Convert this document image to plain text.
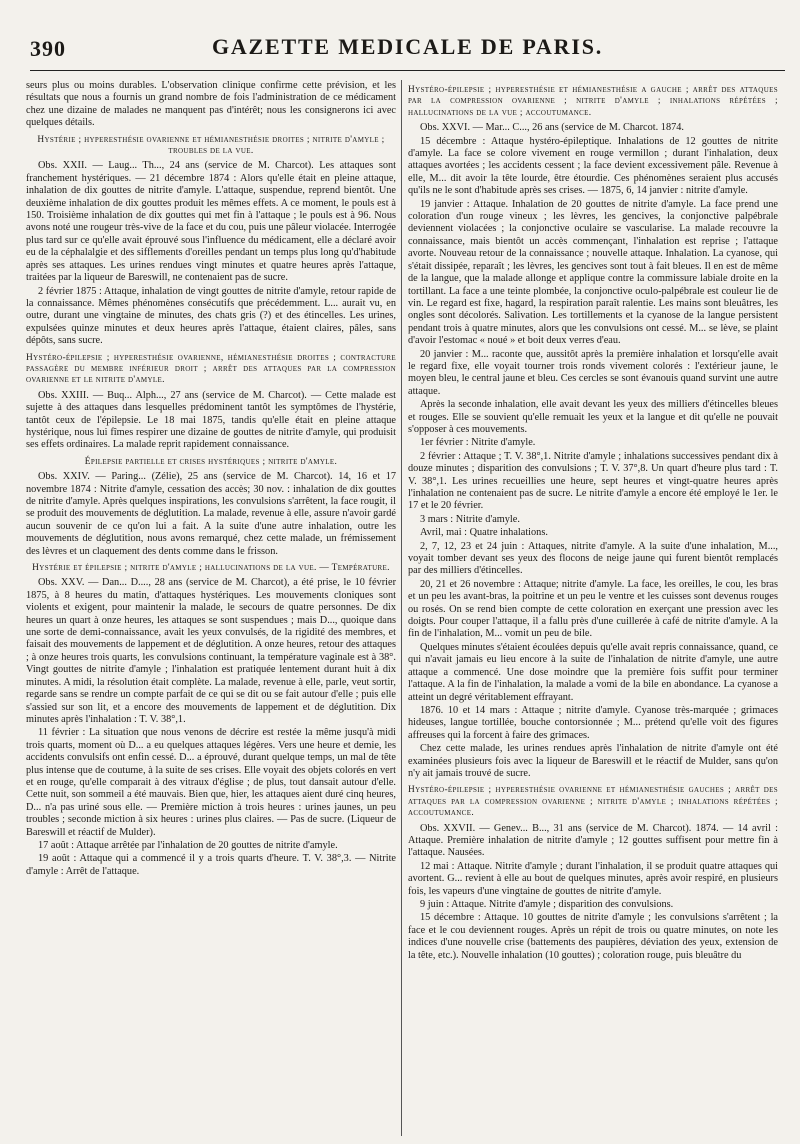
390	GAZETTE MEDICALE DE PARIS.

seurs plus ou moins durables. L'observation clinique confirme cette prévision, et les résultats que nous a fournis un grand nombre de fois l'administration de ce médicament chez une dizaine de malades ne manquent pas d'intérêt; nous les consignerons ici avec quelques détails.

Hystérie ; hyperesthésie ovarienne et hémianesthésie droites ; nitrite d'amyle ; troubles de la vue.

Obs. XXII. — Laug... Th..., 24 ans (service de M. Charcot). Les attaques sont franchement hystériques. — 21 décembre 1874 : Alors qu'elle était en pleine attaque, inhalation de dix gouttes de nitrite d'amyle. L'attaque, suspendue, reprend bientôt. Une deuxième inhalation de dix gouttes produit les mêmes effets. A ce moment, le pouls est à 150. Troisième inhalation de dix gouttes qui met fin à l'attaque ; le pouls est à 96. Nous avons noté une rougeur très-vive de la face et du cou, puis une pâleur violacée. Interrogée plus tard sur ce qu'elle avait éprouvé sous l'influence du médicament, elle a déclaré avoir eu de la céphalalgie et des sifflements d'oreilles pendant un temps plus long qu'd'habitude après ses attaques. Les urines rendues vingt minutes et quatre heures après l'attaque, traitées par la liqueur de Bareswill, ne contenaient pas de sucre.

2 février 1875 : Attaque, inhalation de vingt gouttes de nitrite d'amyle, retour rapide de la connaissance. Mêmes phénomènes consécutifs que précédemment. L... aurait vu, en outre, durant une vingtaine de minutes, des chats gris (?) et des étincelles. Les urines, expulsées quinze minutes et deux heures après l'attaque, étaient claires, pâles, sans dépôts, sans sucre.

Hystéro-épilepsie ; hyperesthésie ovarienne, hémianesthésie droites ; contracture passagère du membre inférieur droit ; arrêt des attaques par la compression ovarienne et le nitrite d'amyle.

Obs. XXIII. — Buq... Alph..., 27 ans (service de M. Charcot). — Cette malade est sujette à des attaques dans lesquelles prédominent tantôt les symptômes de l'hystérie, tantôt ceux de l'épilepsie. Le 18 mai 1875, tandis qu'elle était en pleine attaque hystérique, nous lui fîmes respirer une dizaine de gouttes de nitrite d'amyle, qui produisit ses effets ordinaires. La malade reprit rapidement connaissance.

Épilepsie partielle et crises hystériques ; nitrite d'amyle.

Obs. XXIV. — Paring... (Zélie), 25 ans (service de M. Charcot). 14, 16 et 17 novembre 1874 : Nitrite d'amyle, cessation des accès; 30 nov. : inhalation de dix gouttes de nitrite d'amyle. Après quelques inspirations, les convulsions s'arrêtent, la face rougit, il se produit des mouvements de déglutition. La malade, revenue à elle, assure n'avoir gardé aucun souvenir de ce qu'on lui a fait. A la suite d'une autre inhalation, outre les mouvements de déglutition, nous avons remarqué, chez cette malade, un frémissement des lèvres et un claquement des dents comme dans le frisson.

Hystérie et épilepsie ; nitrite d'amyle ; hallucinations de la vue. — Température.

Obs. XXV. — Dan... D...., 28 ans (service de M. Charcot), a été prise, le 10 février 1875, à 8 heures du matin, d'attaques hystériques. Les mouvements cloniques sont violents et exigent, pour maintenir la malade, le secours de quatre personnes. De dix heures un quart à onze heures, les attaques se sont suspendues ; mais D..., quoique dans une sorte de demi-connaissance, avait les yeux convulsés, de la rigidité des membres, et faisait des mouvements de lappement et de déglutition. A onze heures, retour des attaques ; à onze heures trois quarts, les convulsions continuant, la température vaginale est à 38°. Vingt gouttes de nitrite d'amyle ; l'inhalation est pratiquée lentement durant huit à dix minutes. A midi, la résolution était complète. La malade, revenue à elle, parle, veut sortir, regarde sans se rendre un compte parfait de ce qui se dit ou se fait autour d'elle ; puis elle s'assied sur son lit, et a encore des mouvements de lappement et de déglutition. Dix minutes après l'inhalation : T. V. 38°,1.

11 février : La situation que nous venons de décrire est restée la même jusqu'à midi trois quarts, moment où D... a eu quelques attaques légères. Vers une heure et demie, les accidents convulsifs ont enfin cessé. D... a éprouvé, durant quelque temps, un mal de tête plus intense que de coutume, à la suite de ses crises. Elle voyait des objets colorés en vert et en rouge, qu'elle comparait à des vitraux d'église ; de plus, tout dansait autour d'elle. Cette nuit, son sommeil a été mauvais. Bien que, hier, les attaques aient duré cinq heures, D... n'a pas uriné sous elle. — Première miction à trois heures : urines jaunes, un peu troubles ; seconde miction à six heures : urines plus claires. — Pas de sucre. (Liqueur de Bareswill et réactif de Mulder).

17 août : Attaque arrêtée par l'inhalation de 20 gouttes de nitrite d'amyle.

19 août : Attaque qui a commencé il y a trois quarts d'heure. T. V. 38°,3. — Nitrite d'amyle : Arrêt de l'attaque.

Hystéro-épilepsie ; hyperesthésie et hémianesthésie a gauche ; arrêt des attaques par la compression ovarienne ; nitrite d'amyle ; inhalations répétées ; hallucinations de la vue ; accoutumance.

Obs. XXVI. — Mar... C..., 26 ans (service de M. Charcot. 1874.

15 décembre : Attaque hystéro-épileptique. Inhalations de 12 gouttes de nitrite d'amyle. La face se colore vivement en rouge vermillon ; durant l'inhalation, deux attaques avortées ; les accidents cessent ; la face devient excessivement pâle. Revenue à elle, M... dit avoir la tête lourde, être étourdie. Ces phénomènes seraient plus accusés qu'ils ne le sont d'habitude après ses crises. — 1875, 6, 14 janvier : nitrite d'amyle.

19 janvier : Attaque. Inhalation de 20 gouttes de nitrite d'amyle. La face prend une coloration d'un rouge vineux ; les lèvres, les gencives, la conjonctive palpébrale deviennent violacées ; la conjonctive oculaire se vascularise. La malade recouvre la connaissance, mais bientôt un accès commençant, l'inhalation est reprise ; l'attaque avorte. Nouveau retour de la connaissance ; nouvelle attaque. Inhalation. La cyanose, qui s'était dissipée, reparaît ; les lèvres, les gencives sont tout à fait bleues. Il en est de même de la langue, que la malade allonge et applique contre la commissure labiale droite en la tortillant. La face a une teinte plombée, la conjonctive oculo-palpébrale est couleur lie de vin. Le regard est fixe, hagard, la respiration paraît ralentie. Les mains sont bleuâtres, les ongles sont décolorés. Salivation. Les tortillements et la cyanose de la langue persistent pendant trois à quatre minutes, alors que les convulsions ont cessé. M... se lève, se plaint d'avoir l'estomac « noué » et boit deux verres d'eau.

20 janvier : M... raconte que, aussitôt après la première inhalation et lorsqu'elle avait le regard fixe, elle voyait tourner trois ronds vivement colorés : l'extérieur jaune, le moyen bleu, le central jaune et bleu. Ces cercles se sont évanouis quand survint une autre attaque.

Après la seconde inhalation, elle avait devant les yeux des milliers d'étincelles bleues et rouges. Elle se souvient qu'elle remuait les yeux et la langue et dit qu'elle ne pouvait s'opposer à ces mouvements.

1er février : Nitrite d'amyle.

2 février : Attaque ; T. V. 38°,1. Nitrite d'amyle ; inhalations successives pendant dix à douze minutes ; disparition des convulsions ; T. V. 37°,8. Un quart d'heure plus tard : T. V. 38°,1. Les urines recueillies une heure, sept heures et vingt-quatre heures après l'inhalation ne contenaient pas de sucre. Le nitrite d'amyle a encore été employé le 1er. le 17 et le 20 février.

3 mars : Nitrite d'amyle.

Avril, mai : Quatre inhalations.

2, 7, 12, 23 et 24 juin : Attaques, nitrite d'amyle. A la suite d'une inhalation, M..., voyait tomber devant ses yeux des flocons de neige jaune qui furent bientôt remplacés par des milliers d'étincelles.

20, 21 et 26 novembre : Attaque; nitrite d'amyle. La face, les oreilles, le cou, les bras et un peu les avant-bras, la poitrine et un peu le ventre et les cuisses sont devenus rouges ou rosés. On se rend bien compte de cette coloration en exerçant une pression avec les doigts. Pour couper l'attaque, il a fallu près d'une cuillerée à café de nitrite d'amyle. A la fin de l'inhalation, M... vomit un peu de bile.

Quelques minutes s'étaient écoulées depuis qu'elle avait repris connaissance, quand, ce qui n'avait jamais eu lieu encore à la suite de l'inhalation de nitrite d'amyle, une autre attaque a commencé. Une dose moindre que la première fois suffit pour terminer l'attaque. A la fin de l'inhalation, la malade a vomi de la bile en abondance. La cyanose a atteint un degré véritablement effrayant.

1876. 10 et 14 mars : Attaque ; nitrite d'amyle. Cyanose très-marquée ; grimaces hideuses, langue tortillée, bouche contorsionnée ; M... prétend qu'elle voit des figures affreuses qui la forcent à faire des grimaces.

Chez cette malade, les urines rendues après l'inhalation de nitrite d'amyle ont été examinées plusieurs fois avec la liqueur de Bareswill et le réactif de Mulder, sans qu'on n'y ait jamais trouvé de sucre.

Hystéro-épilepsie ; hyperesthésie ovarienne et hémianesthésie gauches ; arrêt des attaques par la compression ovarienne ; nitrite d'amyle ; inhalations répétées ; accoutumance.

Obs. XXVII. — Genev... B..., 31 ans (service de M. Charcot). 1874. — 14 avril : Attaque. Première inhalation de nitrite d'amyle ; 12 gouttes suffisent pour mettre fin à l'attaque. Nausées.

12 mai : Attaque. Nitrite d'amyle ; durant l'inhalation, il se produit quatre attaques qui avortent. G... revient à elle au bout de quelques minutes, après avoir respiré, en plusieurs fois, les vapeurs d'une vingtaine de gouttes de nitrite d'amyle.

9 juin : Attaque. Nitrite d'amyle ; disparition des convulsions.

15 décembre : Attaque. 10 gouttes de nitrite d'amyle ; les convulsions s'arrêtent ; la face et le cou deviennent rouges. Après un répit de trois ou quatre minutes, on note les indices d'une nouvelle crise (battements des paupières, déviation des yeux, extension de la tête, etc.). Nouvelle inhalation (10 gouttes) ; coloration rouge, puis bleuâtre du
